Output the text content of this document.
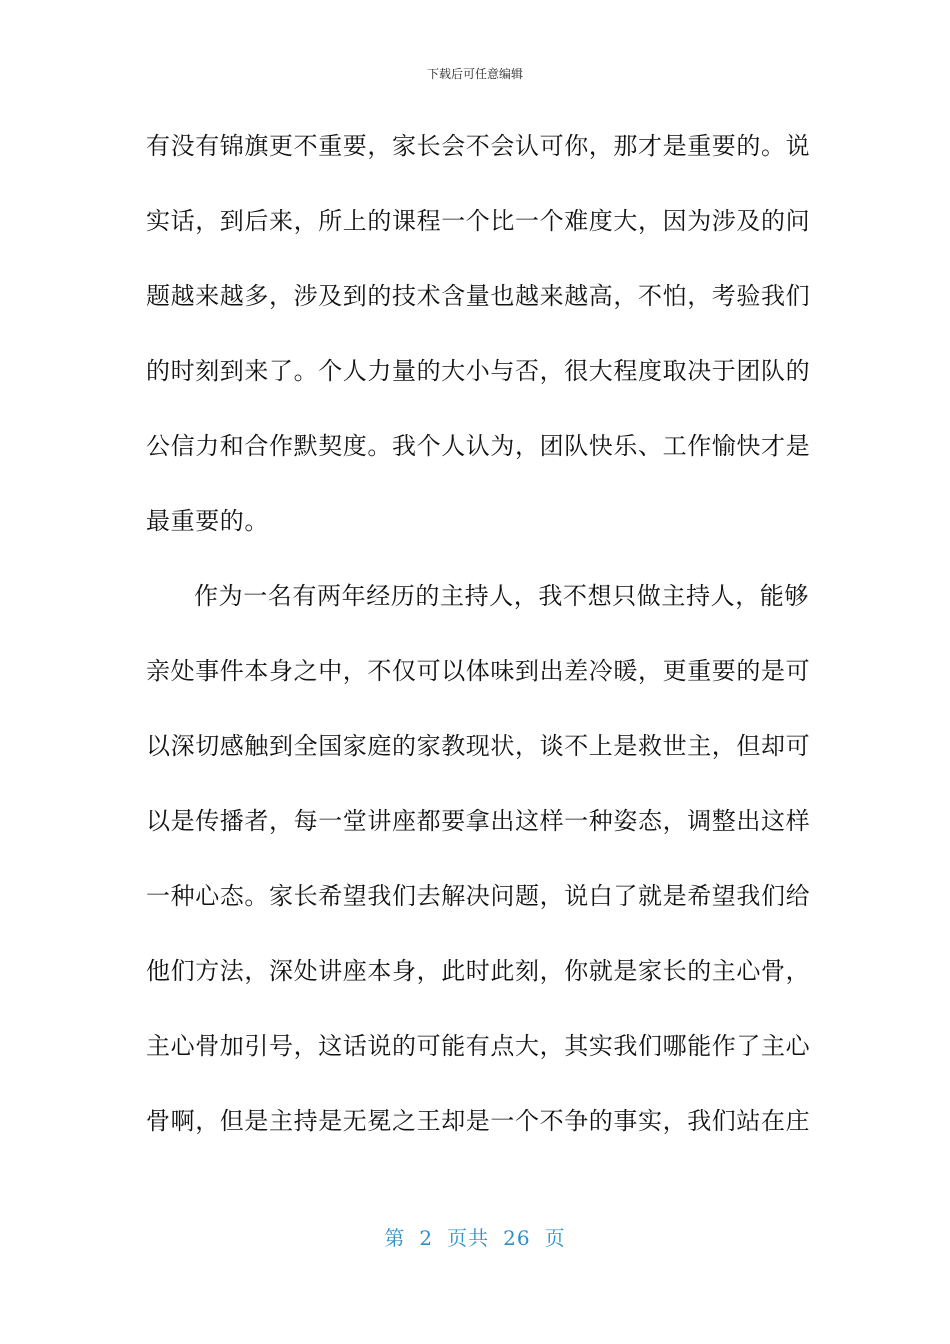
下载后可任意编辑
有没有锦旗更不重要，家长会不会认可你，那才是重要的。说
实话，到后来，所上的课程一个比一个难度大，因为涉及的问
题越来越多，涉及到的技术含量也越来越高，不怕，考验我们
的时刻到来了。个人力量的大小与否，很大程度取决于团队的
公信力和合作默契度。我个人认为，团队快乐、工作愉快才是
最重要的。
作为一名有两年经历的主持人，我不想只做主持人，能够
亲处事件本身之中，不仅可以体味到出差冷暖，更重要的是可
以深切感触到全国家庭的家教现状，谈不上是救世主，但却可
以是传播者，每一堂讲座都要拿出这样一种姿态，调整出这样
一种心态。家长希望我们去解决问题，说白了就是希望我们给
他们方法，深处讲座本身，此时此刻，你就是家长的主心骨，
主心骨加引号，这话说的可能有点大，其实我们哪能作了主心
骨啊，但是主持是无冕之王却是一个不争的事实，我们站在庄
第 2 页共 26 页
